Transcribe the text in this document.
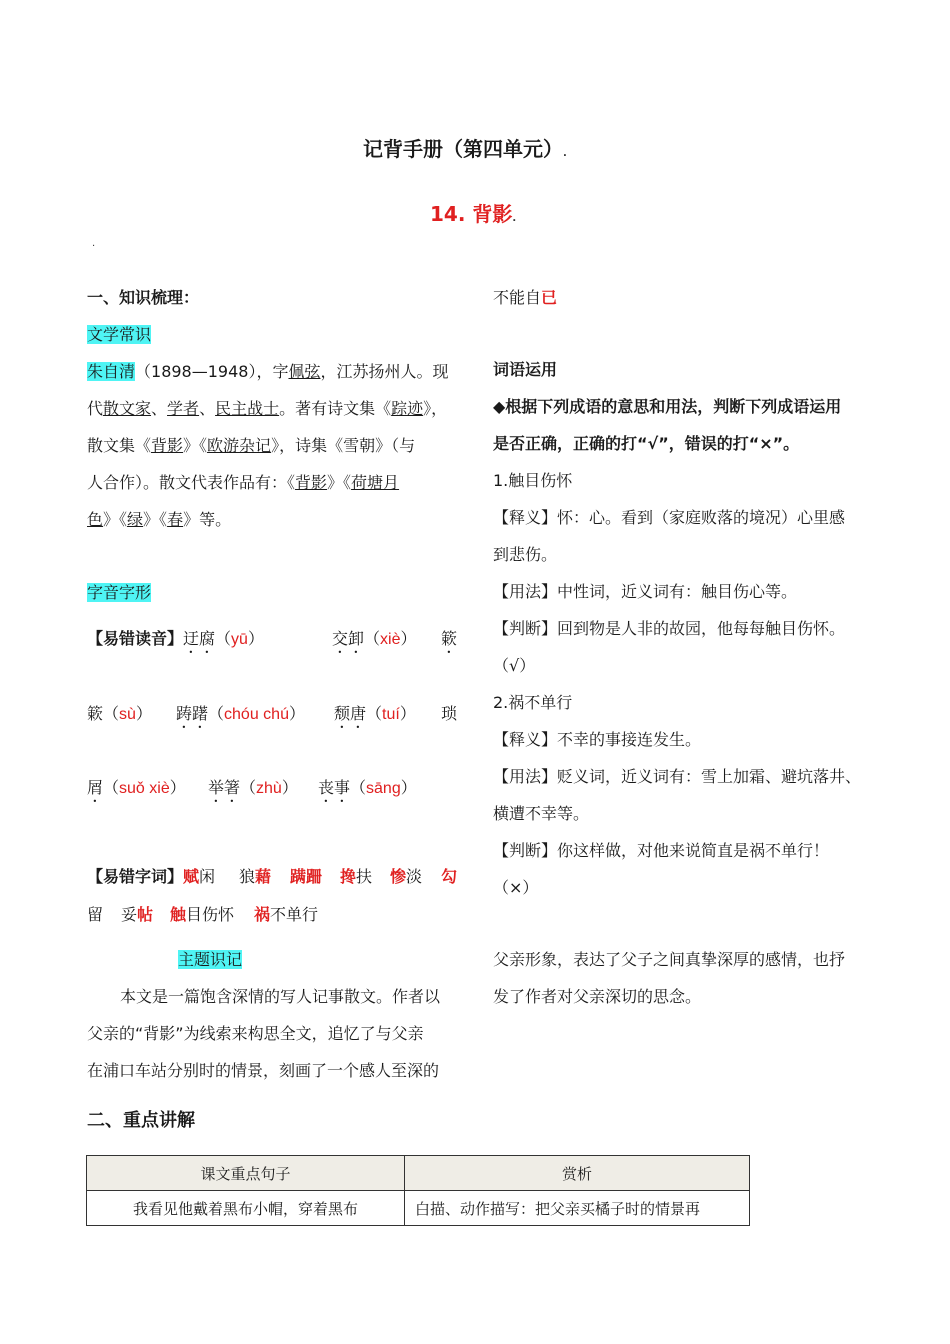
记背手册（第四单元）.
14. 背影.
.
一、知识梳理：
文学常识
朱自清（1898—1948），字佩弦，江苏扬州人。现
代散文家、学者、民主战士。著有诗文集《踪迹》，
散文集《背影》《欧游杂记》，诗集《雪朝》（与
人合作）。散文代表作品有：《背影》《荷塘月
色》《绿》《春》等。
字音字形
【易错读音】迂腐（yū）	交卸（xiè） 簌
簌（sù） 踌躇（chóu chú） 颓唐（tuí） 琐
屑（suǒ xiè） 举箸（zhù） 丧事（sāng）
【易错字词】赋闲 狼藉 蹒跚 搀扶 惨淡 勾
留 妥帖 触目伤怀 祸不单行
主题识记
本文是一篇饱含深情的写人记事散文。作者以
父亲的“背影”为线索来构思全文，追忆了与父亲
在浦口车站分别时的情景，刻画了一个感人至深的
不能自已
词语运用
◆根据下列成语的意思和用法，判断下列成语运用
是否正确，正确的打“√”，错误的打“×”。
1.触目伤怀
【释义】怀：心。看到（家庭败落的境况）心里感
到悲伤。
【用法】中性词，近义词有：触目伤心等。
【判断】回到物是人非的故园，他每每触目伤怀。
（√）
2.祸不单行
【释义】不幸的事接连发生。
【用法】贬义词，近义词有：雪上加霜、避坑落井、
横遭不幸等。
【判断】你这样做，对他来说简直是祸不单行！
（×）
父亲形象，表达了父子之间真挚深厚的感情，也抒
发了作者对父亲深切的思念。
二、重点讲解
课文重点句子	赏析
我看见他戴着黑布小帽，穿着黑布	白描、动作描写：把父亲买橘子时的情景再
